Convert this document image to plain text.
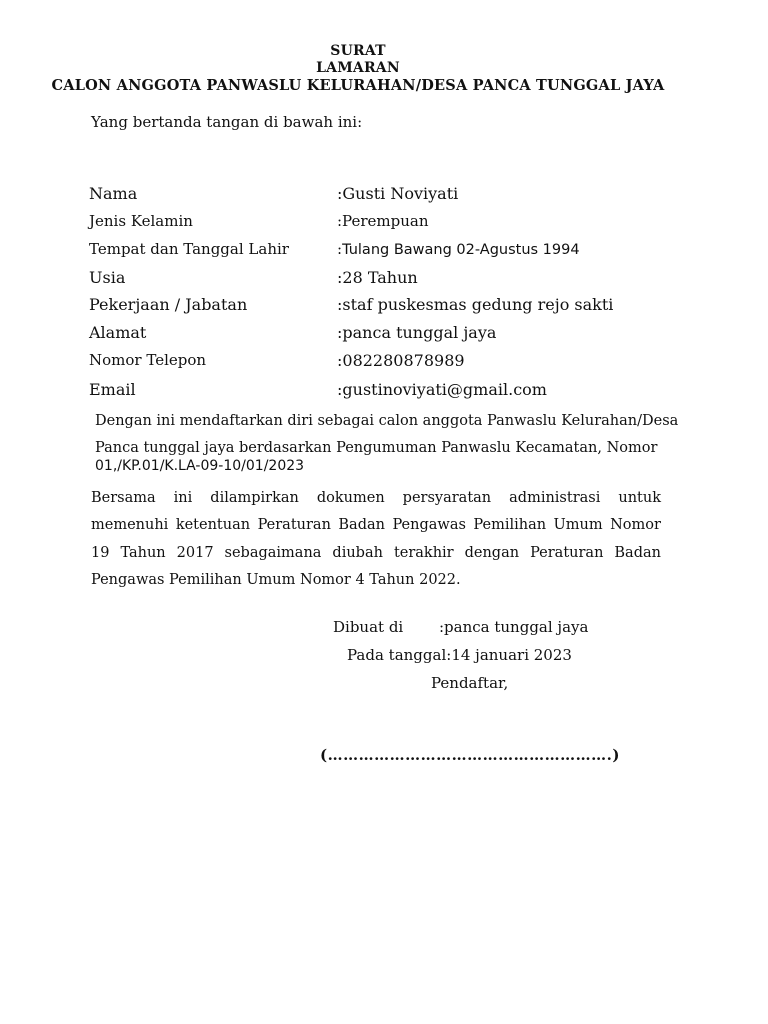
SURAT
LAMARAN
CALON ANGGOTA PANWASLU KELURAHAN/DESA PANCA TUNGGAL JAYA
Yang bertanda tangan di bawah ini:
Nama	:Gusti Noviyati
Jenis Kelamin	:Perempuan
Tempat dan Tanggal Lahir	:Tulang Bawang 02-Agustus 1994
Usia	:28 Tahun
Pekerjaan / Jabatan	:staf puskesmas gedung rejo sakti
Alamat	:panca tunggal jaya
Nomor Telepon	:082280878989
Email	:gustinoviyati@gmail.com
Dengan ini mendaftarkan diri sebagai calon anggota Panwaslu Kelurahan/Desa
Panca tunggal jaya berdasarkan Pengumuman Panwaslu Kecamatan, Nomor
01,/KP.01/K.LA-09-10/01/2023
Bersama ini dilampirkan dokumen persyaratan administrasi untuk
memenuhi ketentuan Peraturan Badan Pengawas Pemilihan Umum Nomor
19 Tahun 2017 sebagaimana diubah terakhir dengan Peraturan Badan
Pengawas Pemilihan Umum Nomor 4 Tahun 2022.
Dibuat di :panca tunggal jaya
Pada tanggal:14 januari 2023
Pendaftar,
(……………………………………………….)
